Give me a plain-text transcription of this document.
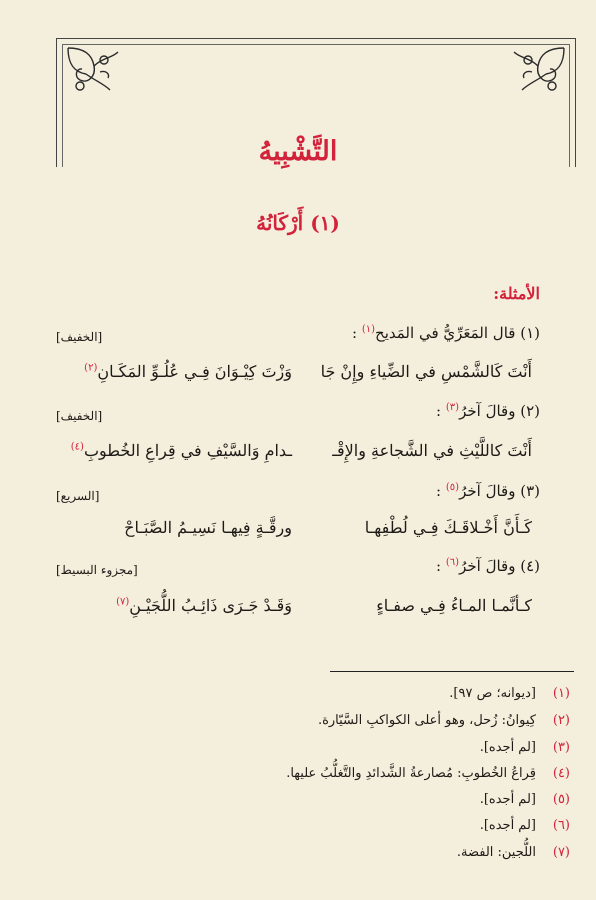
التَّشْبِيهُ
(١) أَرْكَانُهُ
الأمثلة:
(١) قال المَعَرِّيُّ في المَديح$^{(١)}$ :
[الخفيف]
أَنْتَ كَالشَّمْسِ في الضِّياءِ وإِنْ جَا
وَزْتَ كِيْـوَانَ فِـي عُلُـوِّ المَكَـانِ$^{(٢)}$
(٢) وقالَ آخرُ$^{(٣)}$ :
[الخفيف]
أَنْتَ كاللَّيْثِ في الشَّجاعةِ والإِقْـ
ـدامِ وَالسَّيْفِ في قِراعِ الخُطوبِ$^{(٤)}$
(٣) وقالَ آخرُ$^{(٥)}$ :
[السريع]
كَـأَنَّ أَخْـلاقَـكَ فِـي لُطْفِهـا
ورقَّـةٍ فِيهـا نَسِيـمُ الصَّبَـاحْ
(٤) وقالَ آخرُ$^{(٦)}$ :
[مجزوء البسيط]
كـأنَّمـا المـاءُ فِـي صفـاءٍ
وَقَـدْ جَـرَى ذَائِـبُ اللُّجَيْـنِ$^{(٧)}$
(١)[ديوانه؛ ص ٩٧].
(٢)كِيوانُ: زُحل، وهو أعلى الكواكبِ السَّيّارة.
(٣)[لم أجده].
(٤)قِراعُ الخُطوبِ: مُصارعةُ الشَّدائدِ والتَّغلُّبُ عليها.
(٥)[لم أجده].
(٦)[لم أجده].
(٧)اللُّجين: الفضة.
